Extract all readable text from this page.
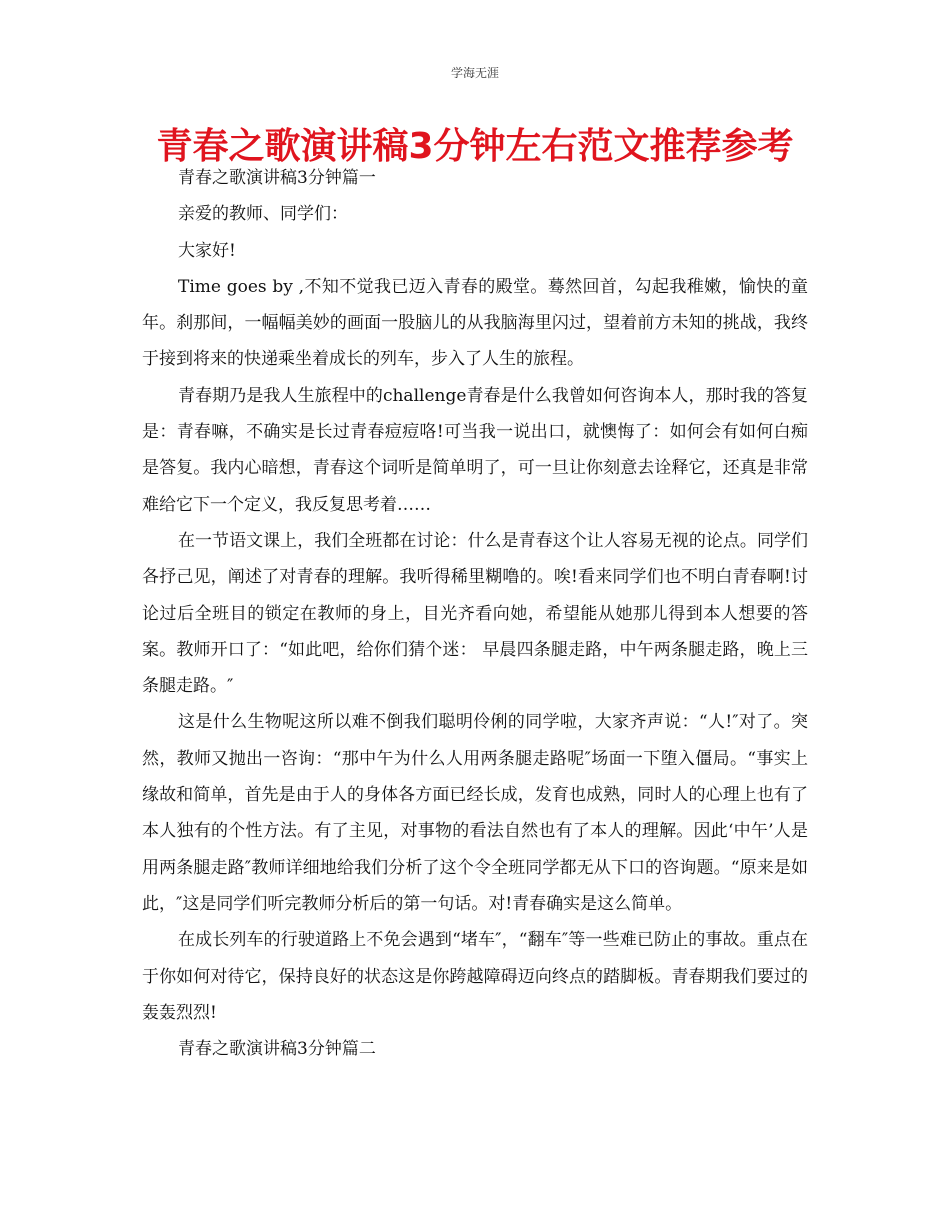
学海无涯
青春之歌演讲稿3分钟左右范文推荐参考

青春之歌演讲稿3分钟篇一

亲爱的教师、同学们：

大家好!

Time goes by ,不知不觉我已迈入青春的殿堂。蓦然回首，勾起我稚嫩，愉快的童年。刹那间，一幅幅美妙的画面一股脑儿的从我脑海里闪过，望着前方未知的挑战，我终于接到将来的快递乘坐着成长的列车，步入了人生的旅程。

青春期乃是我人生旅程中的challenge青春是什么我曾如何咨询本人，那时我的答复是：青春嘛，不确实是长过青春痘痘咯!可当我一说出口，就懊悔了：如何会有如何白痴是答复。我内心暗想，青春这个词听是简单明了，可一旦让你刻意去诠释它，还真是非常难给它下一个定义，我反复思考着……

在一节语文课上，我们全班都在讨论：什么是青春这个让人容易无视的论点。同学们各抒己见，阐述了对青春的理解。我听得稀里糊噜的。唉!看来同学们也不明白青春啊!讨论过后全班目的锁定在教师的身上，目光齐看向她，希望能从她那儿得到本人想要的答案。教师开口了：“如此吧，给你们猜个迷： 早晨四条腿走路，中午两条腿走路，晚上三条腿走路。″

这是什么生物呢这所以难不倒我们聪明伶俐的同学啦，大家齐声说：“人!″对了。突然，教师又抛出一咨询：“那中午为什么人用两条腿走路呢″场面一下堕入僵局。“事实上缘故和简单，首先是由于人的身体各方面已经长成，发育也成熟，同时人的心理上也有了本人独有的个性方法。有了主见，对事物的看法自然也有了本人的理解。因此‘中午’人是用两条腿走路″教师详细地给我们分析了这个令全班同学都无从下口的咨询题。“原来是如此，″这是同学们听完教师分析后的第一句话。对!青春确实是这么简单。

在成长列车的行驶道路上不免会遇到“堵车″，“翻车″等一些难已防止的事故。重点在于你如何对待它，保持良好的状态这是你跨越障碍迈向终点的踏脚板。青春期我们要过的轰轰烈烈!

青春之歌演讲稿3分钟篇二
